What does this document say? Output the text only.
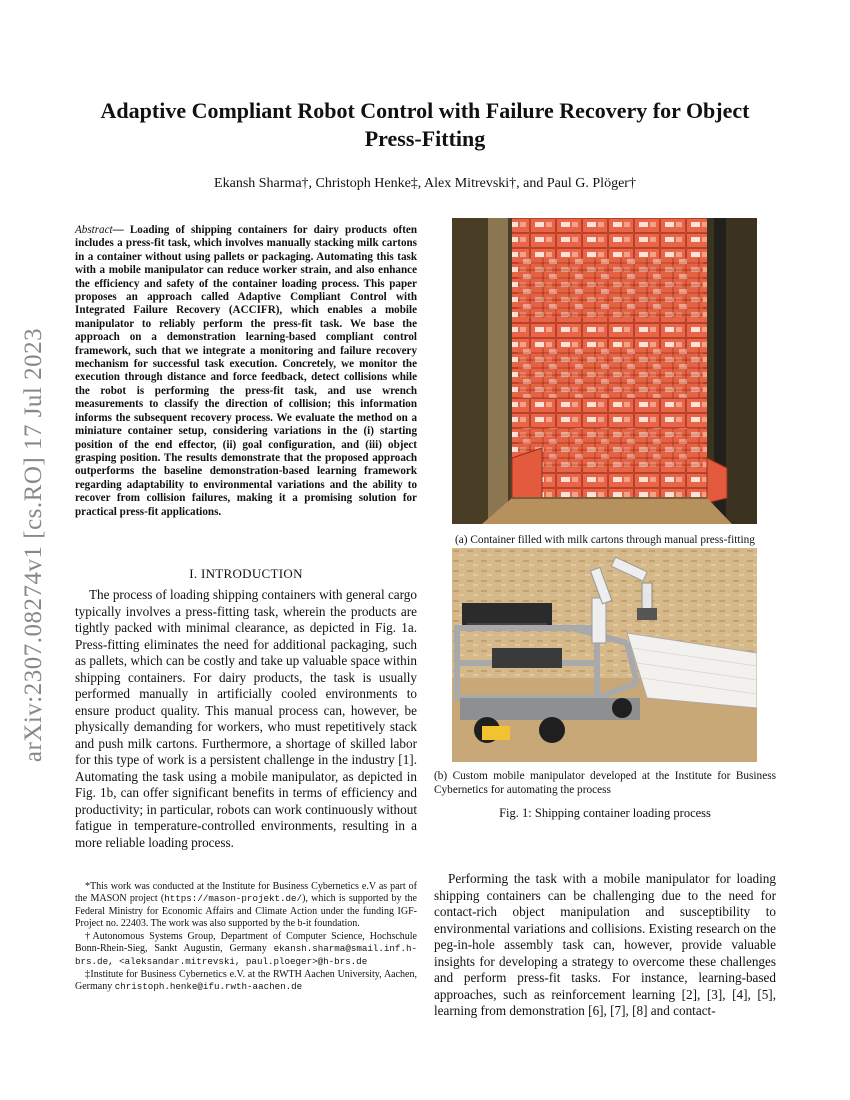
arXiv:2307.08274v1 [cs.RO] 17 Jul 2023
Adaptive Compliant Robot Control with Failure Recovery for Object Press-Fitting
Ekansh Sharma†, Christoph Henke‡, Alex Mitrevski†, and Paul G. Plöger†
Abstract— Loading of shipping containers for dairy products often includes a press-fit task, which involves manually stacking milk cartons in a container without using pallets or packaging. Automating this task with a mobile manipulator can reduce worker strain, and also enhance the efficiency and safety of the container loading process. This paper proposes an approach called Adaptive Compliant Control with Integrated Failure Recovery (ACCIFR), which enables a mobile manipulator to reliably perform the press-fit task. We base the approach on a demonstration learning-based compliant control framework, such that we integrate a monitoring and failure recovery mechanism for successful task execution. Concretely, we monitor the execution through distance and force feedback, detect collisions while the robot is performing the press-fit task, and use wrench measurements to classify the direction of collision; this information informs the subsequent recovery process. We evaluate the method on a miniature container setup, considering variations in the (i) starting position of the end effector, (ii) goal configuration, and (iii) object grasping position. The results demonstrate that the proposed approach outperforms the baseline demonstration-based learning framework regarding adaptability to environmental variations and the ability to recover from collision failures, making it a promising solution for practical press-fit applications.
I. INTRODUCTION

The process of loading shipping containers with general cargo typically involves a press-fitting task, wherein the products are tightly packed with minimal clearance, as depicted in Fig. 1a. Press-fitting eliminates the need for additional packaging, such as pallets, which can be costly and take up valuable space within shipping containers. For dairy products, the task is usually performed manually in artificially cooled environments to ensure product quality. This manual process can, however, be physically demanding for workers, who must repetitively stack and push milk cartons. Furthermore, a shortage of skilled labor for this type of work is a persistent challenge in the industry [1]. Automating the task using a mobile manipulator, as depicted in Fig. 1b, can offer significant benefits in terms of efficiency and productivity; in particular, robots can work continuously without fatigue in temperature-controlled environments, resulting in a more reliable loading process.

*This work was conducted at the Institute for Business Cybernetics e.V as part of the MASON project (https://mason-projekt.de/), which is supported by the Federal Ministry for Economic Affairs and Climate Action under the funding IGF-Project no. 22403. The work was also supported by the b-it foundation.

†Autonomous Systems Group, Department of Computer Science, Hochschule Bonn-Rhein-Sieg, Sankt Augustin, Germany ekansh.sharma@smail.inf.h-brs.de, <aleksandar.mitrevski, paul.ploeger>@h-brs.de

‡Institute for Business Cybernetics e.V. at the RWTH Aachen University, Aachen, Germany christoph.henke@ifu.rwth-aachen.de

(a) Container filled with milk cartons through manual press-fitting
(b) Custom mobile manipulator developed at the Institute for Business Cybernetics for automating the process
Fig. 1: Shipping container loading process

Performing the task with a mobile manipulator for loading shipping containers can be challenging due to the need for contact-rich object manipulation and susceptibility to environmental variations and collisions. Existing research on the peg-in-hole assembly task can, however, provide valuable insights for developing a strategy to overcome these challenges and perform press-fit tasks. For instance, learning-based approaches, such as reinforcement learning [2], [3], [4], [5], learning from demonstration [6], [7], [8] and contact-
